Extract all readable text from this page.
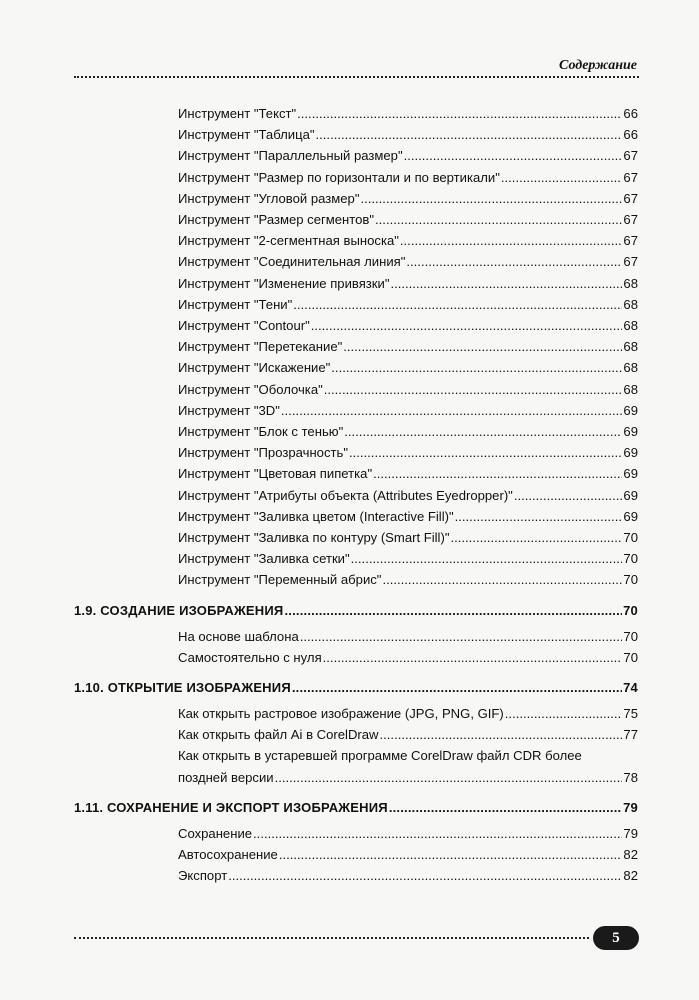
Содержание
Инструмент "Текст" .....	66
Инструмент "Таблица" .....	66
Инструмент "Параллельный размер" .....	67
Инструмент "Размер по горизонтали и по вертикали" .....	67
Инструмент "Угловой размер" .....	67
Инструмент "Размер сегментов" .....	67
Инструмент "2-сегментная выноска" .....	67
Инструмент "Соединительная линия" .....	67
Инструмент "Изменение привязки" .....	68
Инструмент "Тени" .....	68
Инструмент "Contour" .....	68
Инструмент "Перетекание" .....	68
Инструмент "Искажение" .....	68
Инструмент "Оболочка" .....	68
Инструмент "3D" .....	69
Инструмент "Блок с тенью" .....	69
Инструмент "Прозрачность" .....	69
Инструмент "Цветовая пипетка" .....	69
Инструмент "Атрибуты объекта (Attributes Eyedropper)" .....	69
Инструмент "Заливка цветом (Interactive Fill)" .....	69
Инструмент "Заливка по контуру (Smart Fill)" .....	70
Инструмент "Заливка сетки" .....	70
Инструмент "Переменный абрис" .....	70
1.9. СОЗДАНИЕ ИЗОБРАЖЕНИЯ .....	70
На основе шаблона .....	70
Самостоятельно с нуля .....	70
1.10. ОТКРЫТИЕ ИЗОБРАЖЕНИЯ .....	74
Как открыть растровое изображение (JPG, PNG, GIF) .....	75
Как открыть файл Ai в CorelDraw .....	77
Как открыть в устаревшей программе CorelDraw файл CDR более
поздней версии .....	78
1.11. СОХРАНЕНИЕ И ЭКСПОРТ ИЗОБРАЖЕНИЯ .....	79
Сохранение .....	79
Автосохранение .....	82
Экспорт .....	82
5
